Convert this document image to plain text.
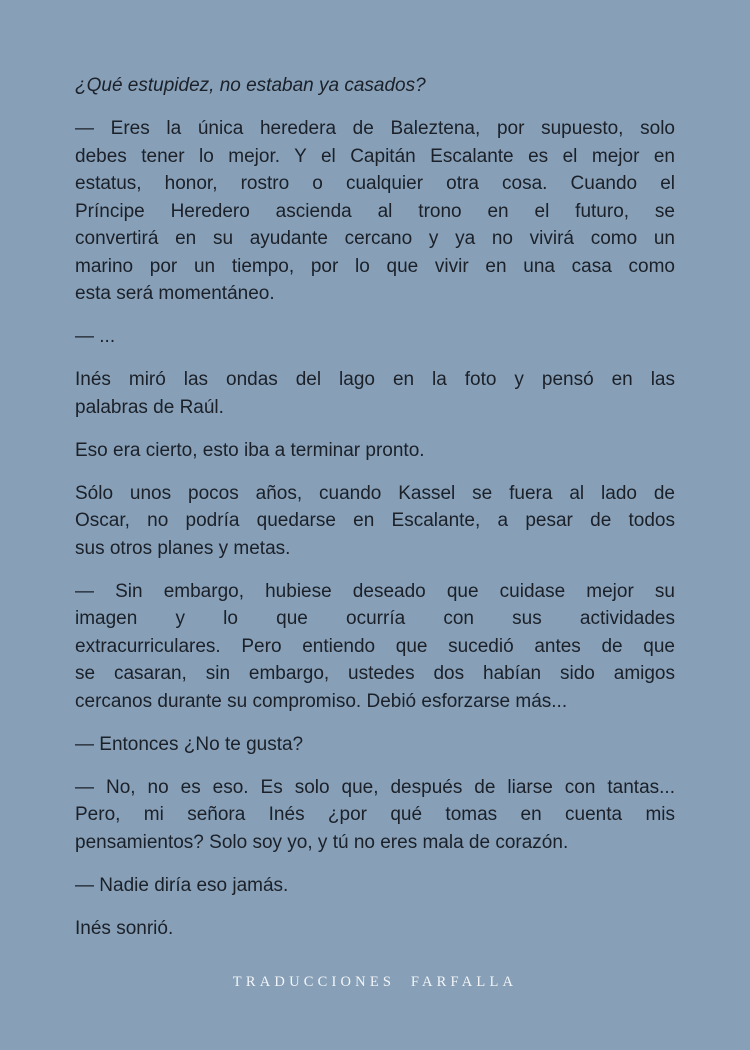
¿Qué estupidez, no estaban ya casados?
— Eres la única heredera de Baleztena, por supuesto, solo
debes tener lo mejor. Y el Capitán Escalante es el mejor en
estatus, honor, rostro o cualquier otra cosa. Cuando el
Príncipe Heredero ascienda al trono en el futuro, se
convertirá en su ayudante cercano y ya no vivirá como un
marino por un tiempo, por lo que vivir en una casa como
esta será momentáneo.
— ...
Inés miró las ondas del lago en la foto y pensó en las
palabras de Raúl.
Eso era cierto, esto iba a terminar pronto.
Sólo unos pocos años, cuando Kassel se fuera al lado de
Oscar, no podría quedarse en Escalante, a pesar de todos
sus otros planes y metas.
— Sin embargo, hubiese deseado que cuidase mejor su
imagen y lo que ocurría con sus actividades
extracurriculares. Pero entiendo que sucedió antes de que
se casaran, sin embargo, ustedes dos habían sido amigos
cercanos durante su compromiso. Debió esforzarse más...
— Entonces ¿No te gusta?
— No, no es eso. Es solo que, después de liarse con tantas...
Pero, mi señora Inés ¿por qué tomas en cuenta mis
pensamientos? Solo soy yo, y tú no eres mala de corazón.
— Nadie diría eso jamás.
Inés sonrió.
TRADUCCIONES  FARFALLA
